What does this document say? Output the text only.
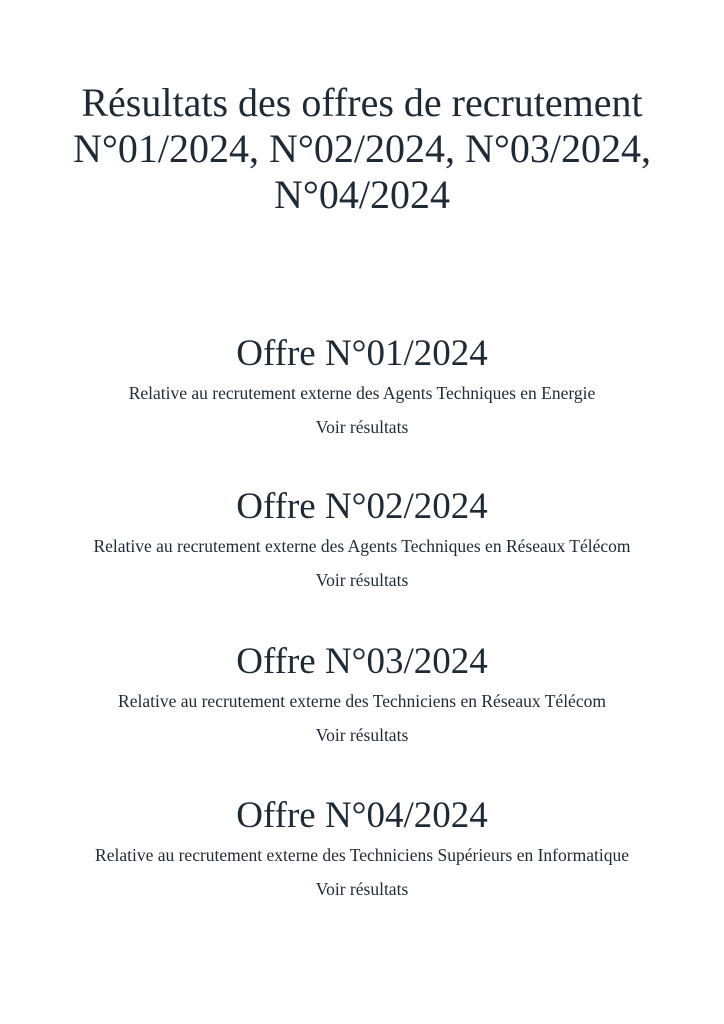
Résultats des offres de recrutement N°01/2024, N°02/2024, N°03/2024, N°04/2024
Offre N°01/2024

Relative au recrutement externe des Agents Techniques en Energie

Voir résultats
Offre N°02/2024

Relative au recrutement externe des Agents Techniques en Réseaux Télécom

Voir résultats
Offre N°03/2024

Relative au recrutement externe des Techniciens en Réseaux Télécom

Voir résultats
Offre N°04/2024

Relative au recrutement externe des Techniciens Supérieurs en Informatique

Voir résultats
